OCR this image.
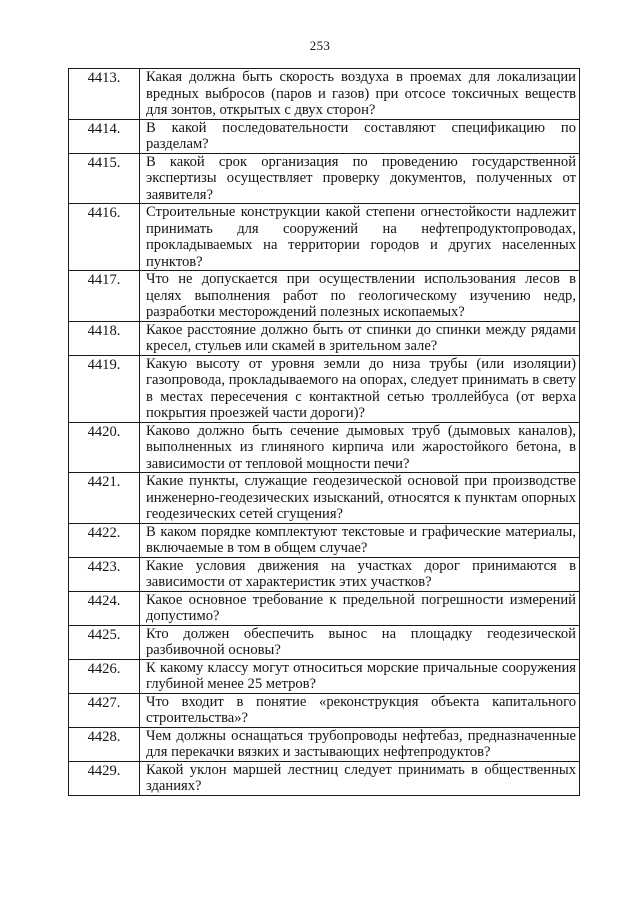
253
4413.	Какая должна быть скорость воздуха в проемах для локализации вредных выбросов (паров и газов) при отсосе токсичных веществ для зонтов, открытых с двух сторон?
4414.	В какой последовательности составляют спецификацию по разделам?
4415.	В какой срок организация по проведению государственной экспертизы осуществляет проверку документов, полученных от заявителя?
4416.	Строительные конструкции какой степени огнестойкости надлежит принимать для сооружений на нефтепродуктопроводах, прокладываемых на территории городов и других населенных пунктов?
4417.	Что не допускается при осуществлении использования лесов в целях выполнения работ по геологическому изучению недр, разработки месторождений полезных ископаемых?
4418.	Какое расстояние должно быть от спинки до спинки между рядами кресел, стульев или скамей в зрительном зале?
4419.	Какую высоту от уровня земли до низа трубы (или изоляции) газопровода, прокладываемого на опорах, следует принимать в свету в местах пересечения с контактной сетью троллейбуса (от верха покрытия проезжей части дороги)?
4420.	Каково должно быть сечение дымовых труб (дымовых каналов), выполненных из глиняного кирпича или жаростойкого бетона, в зависимости от тепловой мощности печи?
4421.	Какие пункты, служащие геодезической основой при производстве инженерно-геодезических изысканий, относятся к пунктам опорных геодезических сетей сгущения?
4422.	В каком порядке комплектуют текстовые и графические материалы, включаемые в том в общем случае?
4423.	Какие условия движения на участках дорог принимаются в зависимости от характеристик этих участков?
4424.	Какое основное требование к предельной погрешности измерений допустимо?
4425.	Кто должен обеспечить вынос на площадку геодезической разбивочной основы?
4426.	К какому классу могут относиться морские причальные сооружения глубиной менее 25 метров?
4427.	Что входит в понятие «реконструкция объекта капитального строительства»?
4428.	Чем должны оснащаться трубопроводы нефтебаз, предназначенные для перекачки вязких и застывающих нефтепродуктов?
4429.	Какой уклон маршей лестниц следует принимать в общественных зданиях?
